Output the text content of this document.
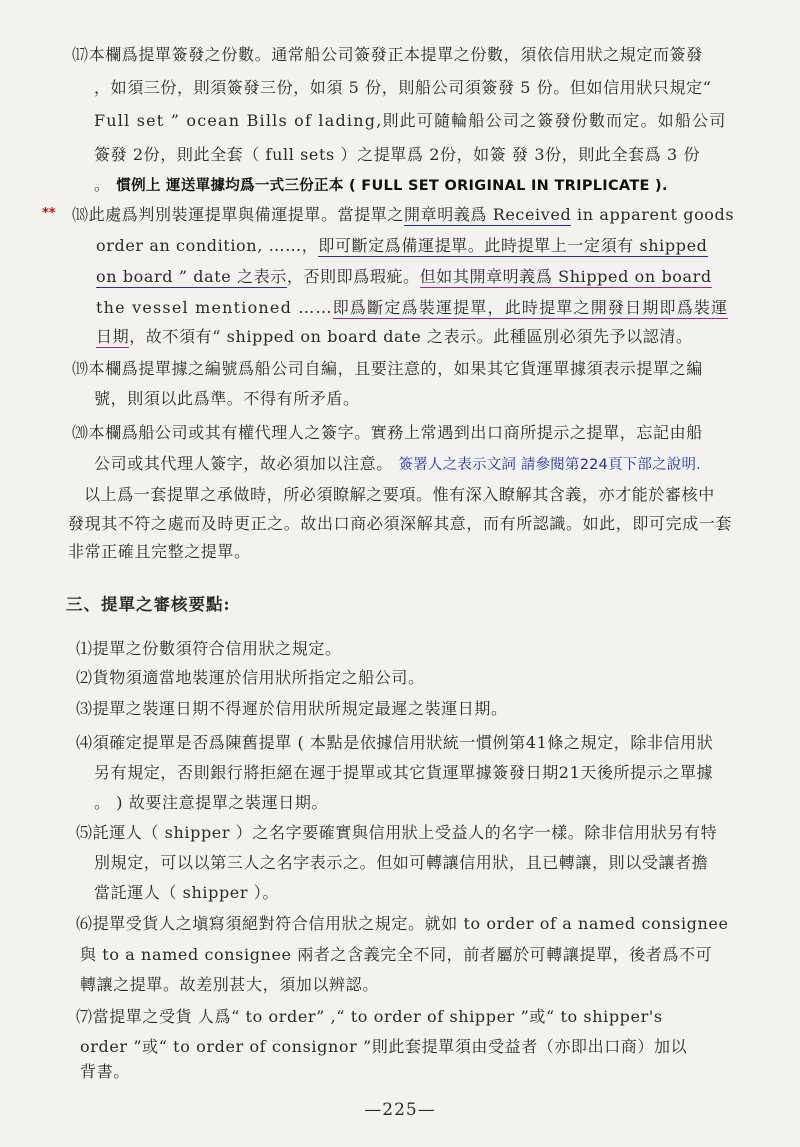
⒄本欄爲提單簽發之份數。通常船公司簽發正本提單之份數，須依信用狀之規定而簽發
，如須三份，則須簽發三份，如須 5 份，則船公司須簽發 5 份。但如信用狀只規定“
Full set ” ocean Bills of lading,則此可隨輪船公司之簽發份數而定。如船公司
簽發 2份，則此全套（ full sets ）之提單爲 2份，如簽 發 3份，則此全套爲 3 份
。 慣例上 運送單據均爲一式三份正本 ( FULL SET ORIGINAL IN TRIPLICATE ).
** ⒅此處爲判別裝運提單與備運提單。當提單之開章明義爲 Received in apparent goods
order an condition, ……，即可斷定爲備運提單。此時提單上一定須有 shipped
on board ” date 之表示，否則即爲瑕疵。但如其開章明義爲 Shipped on board
the vessel mentioned ……即爲斷定爲裝運提單，此時提單之開發日期即爲裝運
日期，故不須有“ shipped on board date 之表示。此種區別必須先予以認清。
⒆本欄爲提單據之編號爲船公司自編，且要注意的，如果其它貨運單據須表示提單之編
號，則須以此爲準。不得有所矛盾。
⒇本欄爲船公司或其有權代理人之簽字。實務上常遇到出口商所提示之提單，忘記由船
公司或其代理人簽字，故必須加以注意。 簽署人之表示文詞 請參閱第224頁下部之說明.
以上爲一套提單之承做時，所必須瞭解之要項。惟有深入瞭解其含義，亦才能於審核中
發現其不符之處而及時更正之。故出口商必須深解其意，而有所認識。如此，即可完成一套
非常正確且完整之提單。
三、提單之審核要點:
⑴提單之份數須符合信用狀之規定。
⑵貨物須適當地裝運於信用狀所指定之船公司。
⑶提單之裝運日期不得遲於信用狀所規定最遲之裝運日期。
⑷須確定提單是否爲陳舊提單 ( 本點是依據信用狀統一慣例第41條之規定，除非信用狀
另有規定，否則銀行將拒絕在遲于提單或其它貨運單據簽發日期21天後所提示之單據
。 ) 故要注意提單之裝運日期。
⑸託運人（ shipper ）之名字要確實與信用狀上受益人的名字一樣。除非信用狀另有特
別規定，可以以第三人之名字表示之。但如可轉讓信用狀，且已轉讓，則以受讓者擔
當託運人（ shipper ）。
⑹提單受貨人之塡寫須絕對符合信用狀之規定。就如 to order of a named consignee
與 to a named consignee 兩者之含義完全不同，前者屬於可轉讓提單，後者爲不可
轉讓之提單。故差別甚大，須加以辨認。
⑺當提單之受貨 人爲“ to order” ,“ to order of shipper ”或“ to shipper's
order ”或“ to order of consignor ”則此套提單須由受益者（亦即出口商）加以
背書。
—225—
